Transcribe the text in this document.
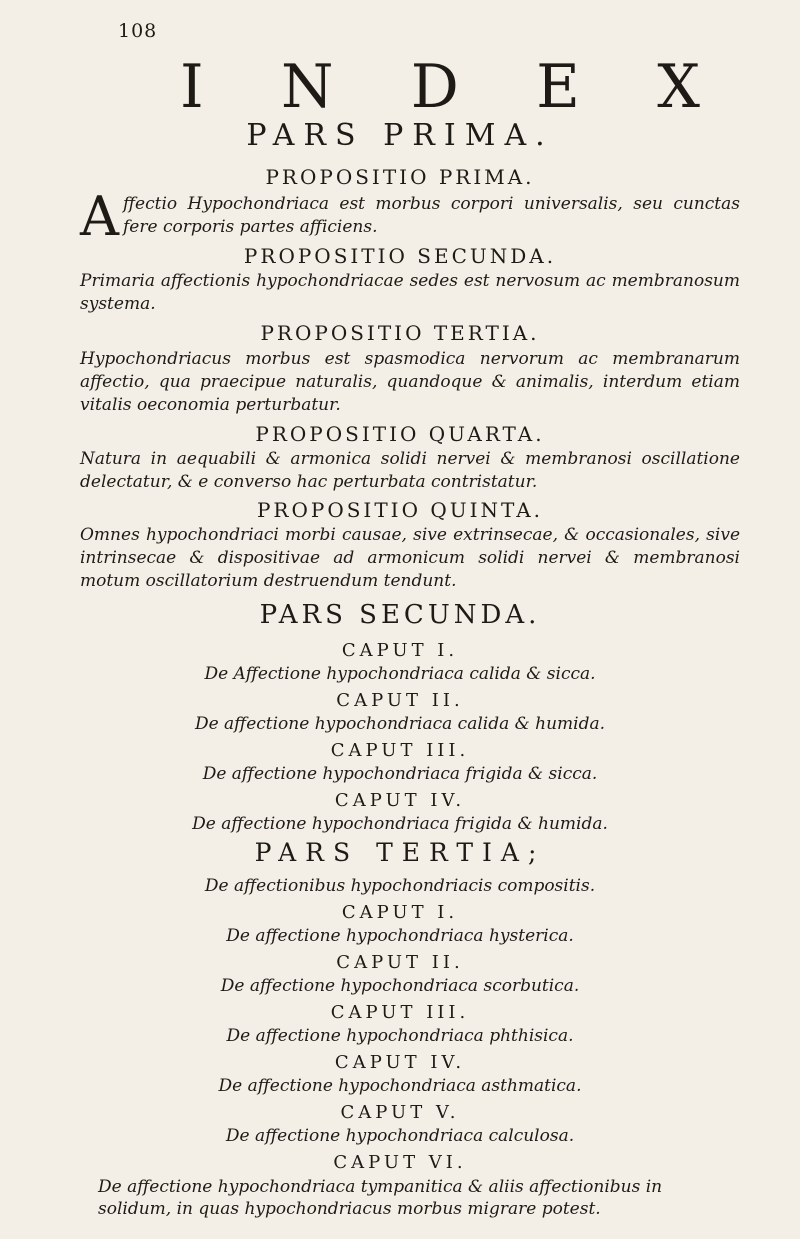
108
I N D E X
PARS PRIMA.
PROPOSITIO PRIMA.
Affectio Hypochondriaca est morbus corpori universalis, seu cunctas fere corporis partes afficiens.
PROPOSITIO SECUNDA.
Primaria affectionis hypochondriacae sedes est nervosum ac membranosum systema.
PROPOSITIO TERTIA.
Hypochondriacus morbus est spasmodica nervorum ac membranarum affectio, qua praecipue naturalis, quandoque & animalis, interdum etiam vitalis oeconomia perturbatur.
PROPOSITIO QUARTA.
Natura in aequabili & armonica solidi nervei & membranosi oscillatione delectatur, & e converso hac perturbata contristatur.
PROPOSITIO QUINTA.
Omnes hypochondriaci morbi causae, sive extrinsecae, & occasionales, sive intrinsecae & dispositivae ad armonicum solidi nervei & membranosi motum oscillatorium destruendum tendunt.
PARS SECUNDA.
CAPUT I.
De Affectione hypochondriaca calida & sicca.
CAPUT II.
De affectione hypochondriaca calida & humida.
CAPUT III.
De affectione hypochondriaca frigida & sicca.
CAPUT IV.
De affectione hypochondriaca frigida & humida.
PARS TERTIA;
De affectionibus hypochondriacis compositis.
CAPUT I.
De affectione hypochondriaca hysterica.
CAPUT II.
De affectione hypochondriaca scorbutica.
CAPUT III.
De affectione hypochondriaca phthisica.
CAPUT IV.
De affectione hypochondriaca asthmatica.
CAPUT V.
De affectione hypochondriaca calculosa.
CAPUT VI.
De affectione hypochondriaca tympanitica & aliis affectionibus in solidum, in quas hypochondriacus morbus migrare potest.
